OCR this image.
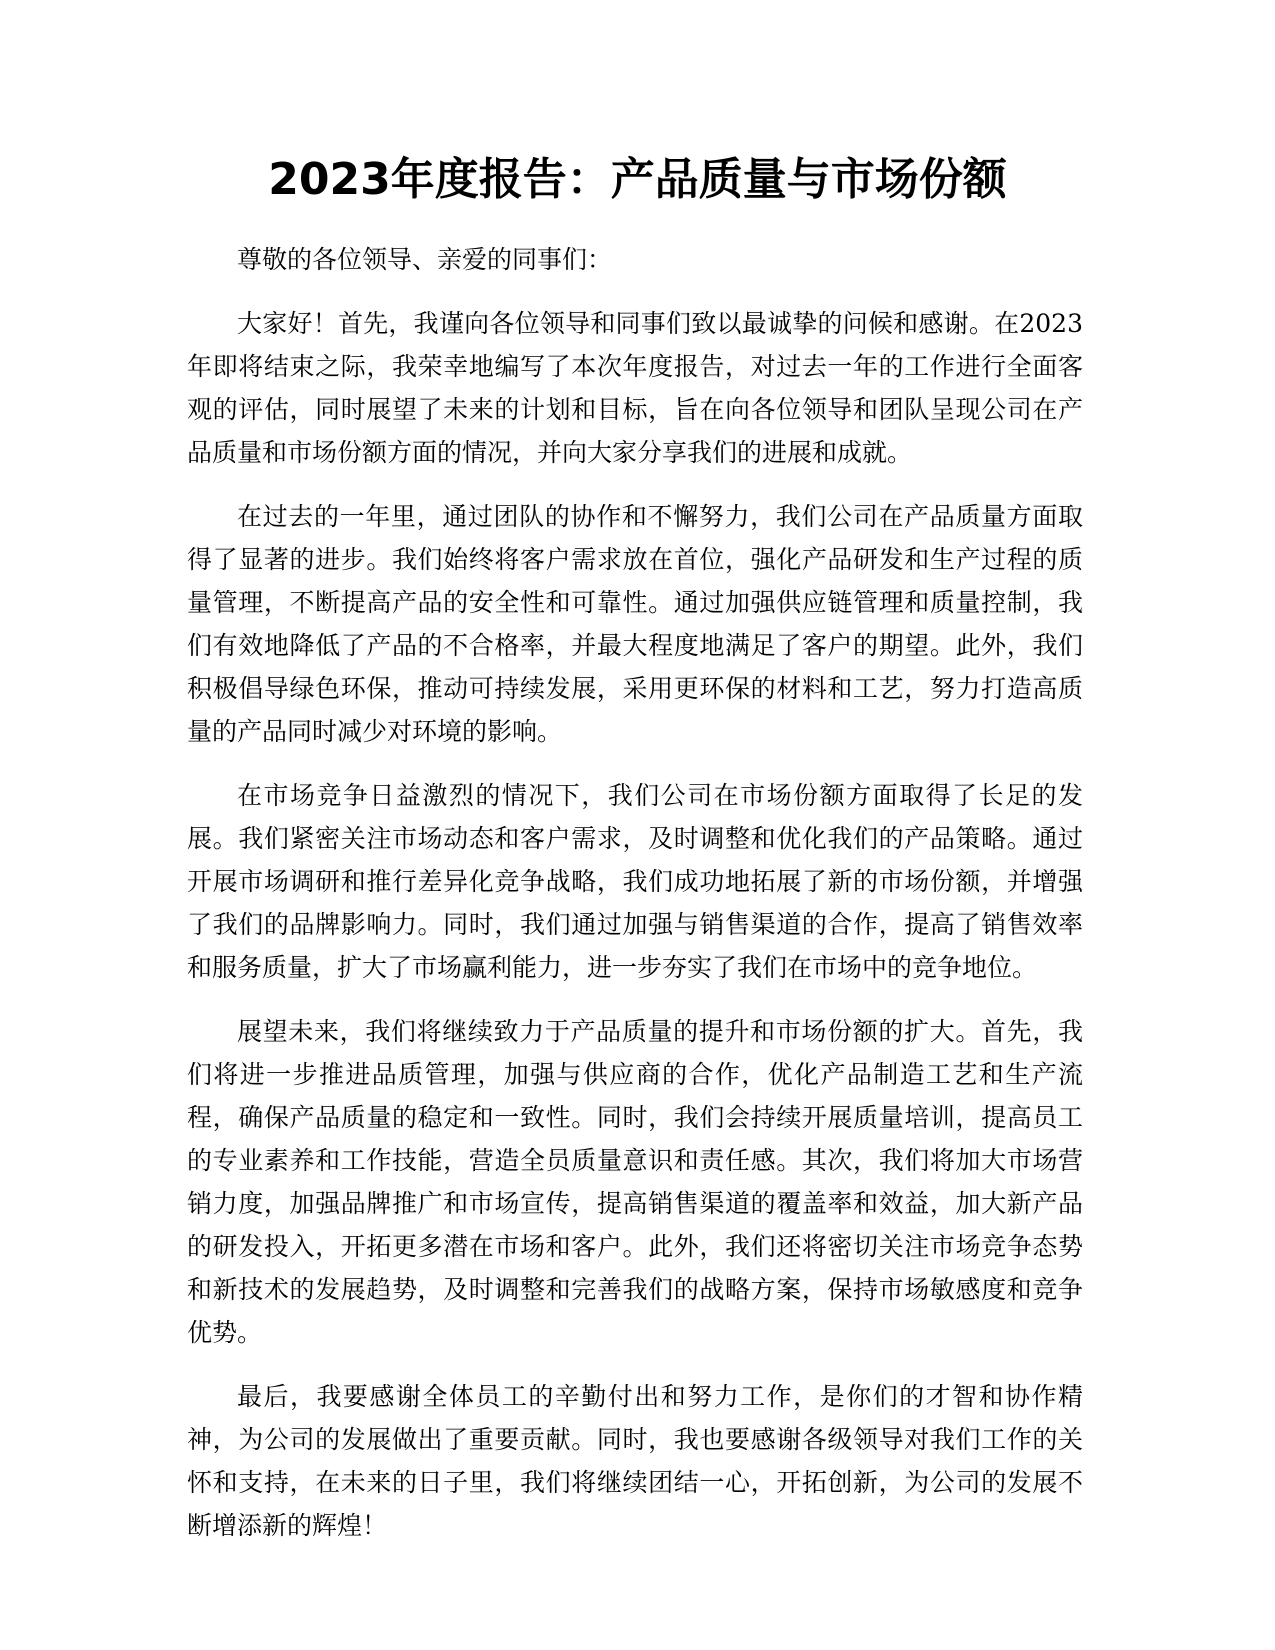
2023年度报告：产品质量与市场份额

尊敬的各位领导、亲爱的同事们：

大家好！首先，我谨向各位领导和同事们致以最诚挚的问候和感谢。在2023年即将结束之际，我荣幸地编写了本次年度报告，对过去一年的工作进行全面客观的评估，同时展望了未来的计划和目标，旨在向各位领导和团队呈现公司在产品质量和市场份额方面的情况，并向大家分享我们的进展和成就。

在过去的一年里，通过团队的协作和不懈努力，我们公司在产品质量方面取得了显著的进步。我们始终将客户需求放在首位，强化产品研发和生产过程的质量管理，不断提高产品的安全性和可靠性。通过加强供应链管理和质量控制，我们有效地降低了产品的不合格率，并最大程度地满足了客户的期望。此外，我们积极倡导绿色环保，推动可持续发展，采用更环保的材料和工艺，努力打造高质量的产品同时减少对环境的影响。

在市场竞争日益激烈的情况下，我们公司在市场份额方面取得了长足的发展。我们紧密关注市场动态和客户需求，及时调整和优化我们的产品策略。通过开展市场调研和推行差异化竞争战略，我们成功地拓展了新的市场份额，并增强了我们的品牌影响力。同时，我们通过加强与销售渠道的合作，提高了销售效率和服务质量，扩大了市场赢利能力，进一步夯实了我们在市场中的竞争地位。

展望未来，我们将继续致力于产品质量的提升和市场份额的扩大。首先，我们将进一步推进品质管理，加强与供应商的合作，优化产品制造工艺和生产流程，确保产品质量的稳定和一致性。同时，我们会持续开展质量培训，提高员工的专业素养和工作技能，营造全员质量意识和责任感。其次，我们将加大市场营销力度，加强品牌推广和市场宣传，提高销售渠道的覆盖率和效益，加大新产品的研发投入，开拓更多潜在市场和客户。此外，我们还将密切关注市场竞争态势和新技术的发展趋势，及时调整和完善我们的战略方案，保持市场敏感度和竞争优势。

最后，我要感谢全体员工的辛勤付出和努力工作，是你们的才智和协作精神，为公司的发展做出了重要贡献。同时，我也要感谢各级领导对我们工作的关怀和支持，在未来的日子里，我们将继续团结一心，开拓创新，为公司的发展不断增添新的辉煌！
